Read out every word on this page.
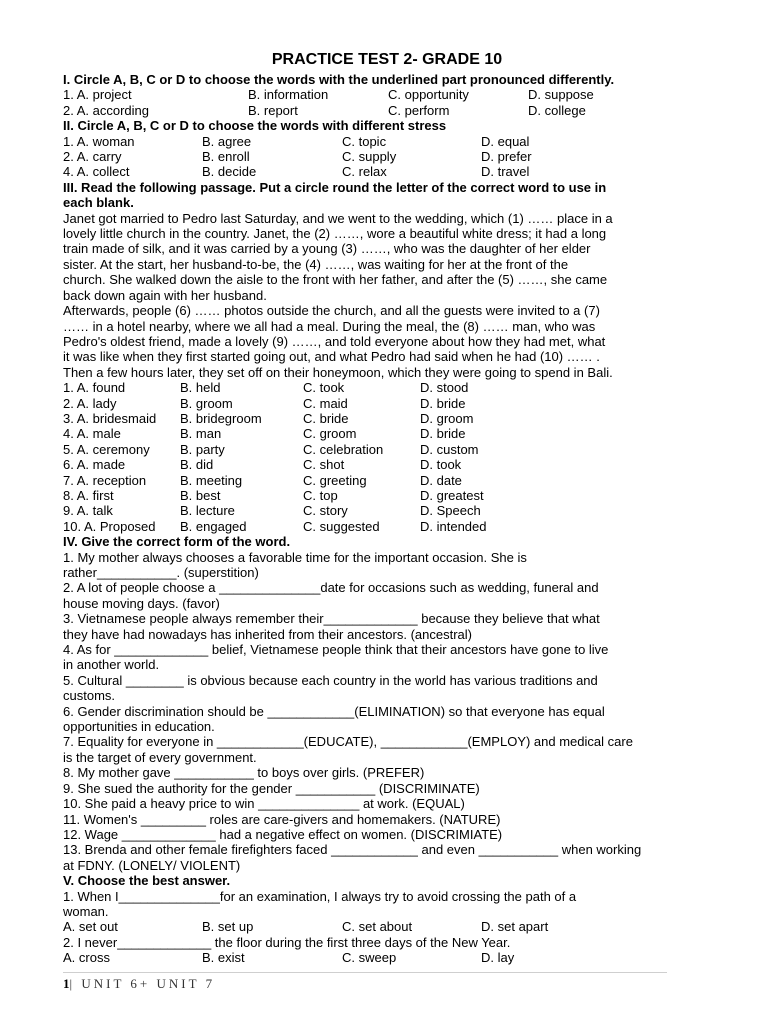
PRACTICE TEST 2- GRADE 10
I. Circle A, B, C or D to choose the words with the underlined part pronounced differently.
1. A. project	B. information	C. opportunity	D. suppose
2. A. according	B. report	C. perform	D. college
II. Circle A, B, C or D to choose the words with different stress
1. A. woman	B. agree	C. topic	D. equal
2. A. carry	B. enroll	C. supply	D. prefer
4. A. collect	B. decide	C. relax	D. travel
III. Read the following passage. Put a circle round the letter of the correct word to use in
each blank.
Janet got married to Pedro last Saturday, and we went to the wedding, which (1) …… place in a
lovely little church in the country. Janet, the (2) ……, wore a beautiful white dress; it had a long
train made of silk, and it was carried by a young (3) ……, who was the daughter of her elder
sister. At the start, her husband-to-be, the (4) ……, was waiting for her at the front of the
church. She walked down the aisle to the front with her father, and after the (5) ……, she came
back down again with her husband.
Afterwards, people (6) …… photos outside the church, and all the guests were invited to a (7)
…… in a hotel nearby, where we all had a meal. During the meal, the (8) …… man, who was
Pedro's oldest friend, made a lovely (9) ……, and told everyone about how they had met, what
it was like when they first started going out, and what Pedro had said when he had (10) …… .
Then a few hours later, they set off on their honeymoon, which they were going to spend in Bali.
1. A. found	B. held	C. took	D. stood
2. A. lady	B. groom	C. maid	D. bride
3. A. bridesmaid	B. bridegroom	C. bride	D. groom
4. A. male	B. man	C. groom	D. bride
5. A. ceremony	B. party	C. celebration	D. custom
6. A. made	B. did	C. shot	D. took
7. A. reception	B. meeting	C. greeting	D. date
8. A. first	B. best	C. top	D. greatest
9. A. talk	B. lecture	C. story	D. Speech
10. A. Proposed	B. engaged	C. suggested	D. intended
IV. Give the correct form of the word.
1. My mother always chooses a favorable time for the important occasion. She is
rather___________. (superstition)
2. A lot of people choose a ______________date for occasions such as wedding, funeral and
house moving days. (favor)
3. Vietnamese people always remember their_____________ because they believe that what
they have had nowadays has inherited from their ancestors. (ancestral)
4. As for _____________ belief, Vietnamese people think that their ancestors have gone to live
in another world.
5. Cultural ________ is obvious because each country in the world has various traditions and
customs.
6. Gender discrimination should be ____________(ELIMINATION) so that everyone has equal
opportunities in education.
7. Equality for everyone in ____________(EDUCATE), ____________(EMPLOY) and medical care
is the target of every government.
8. My mother gave ___________ to boys over girls. (PREFER)
9. She sued the authority for the gender ___________ (DISCRIMINATE)
10. She paid a heavy price to win ______________ at work. (EQUAL)
11. Women's _________ roles are care-givers and homemakers. (NATURE)
12. Wage _____________ had a negative effect on women. (DISCRIMIATE)
13. Brenda and other female firefighters faced ____________ and even ___________ when working
at FDNY. (LONELY/ VIOLENT)
V. Choose the best answer.
1. When I______________for an examination, I always try to avoid crossing the path of a
woman.
A. set out	B. set up	C. set about	D. set apart
2. I never_____________ the floor during the first three days of the New Year.
A. cross	B. exist	C. sweep	D. lay
1| UNIT 6+ UNIT 7
